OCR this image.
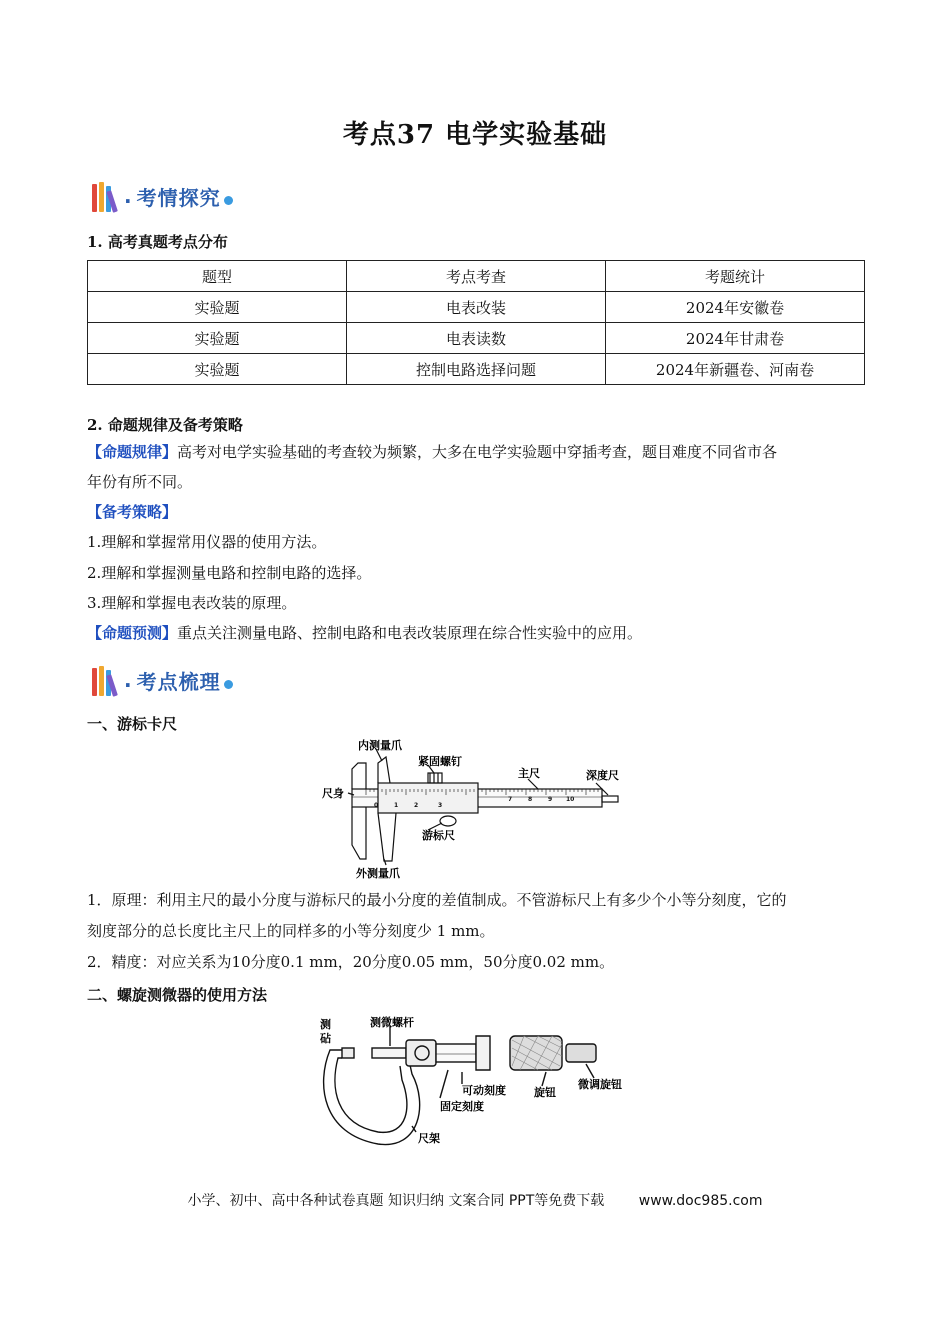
考点37 电学实验基础
. 考情探究
1. 高考真题考点分布
题型	考点考查	考题统计
实验题	电表改装	2024年安徽卷
实验题	电表读数	2024年甘肃卷
实验题	控制电路选择问题	2024年新疆卷、河南卷
2. 命题规律及备考策略
【命题规律】高考对电学实验基础的考查较为频繁，大多在电学实验题中穿插考查，题目难度不同省市各
年份有所不同。
【备考策略】
1.理解和掌握常用仪器的使用方法。
2.理解和掌握测量电路和控制电路的选择。
3.理解和掌握电表改装的原理。
【命题预测】重点关注测量电路、控制电路和电表改装原理在综合性实验中的应用。
. 考点梳理
一、游标卡尺
0	1	2	3
7	8	9 10
内测量爪
紧固螺钉
主尺	深度尺
尺身
游标尺
外测量爪
1．原理：利用主尺的最小分度与游标尺的最小分度的差值制成。不管游标尺上有多少个小等分刻度，它的
刻度部分的总长度比主尺上的同样多的小等分刻度少 1 mm。
2．精度：对应关系为10分度0.1 mm，20分度0.05 mm，50分度0.02 mm。
二、螺旋测微器的使用方法
测
砧
测微螺杆
可动刻度
固定刻度
旋钮
微调旋钮
尺架
小学、初中、高中各种试卷真题 知识归纳 文案合同 PPT等免费下载 www.doc985.com
